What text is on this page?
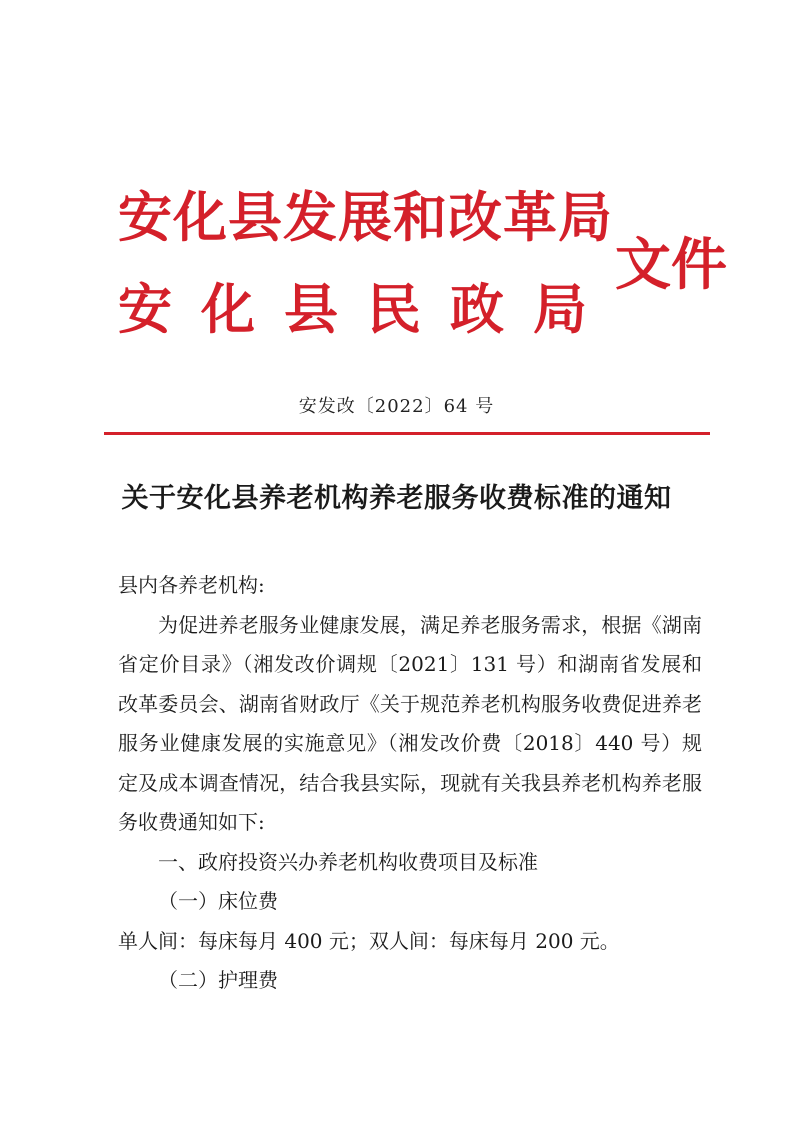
安化县发展和改革局
安化县民政局
文件
安发改〔2022〕64 号
关于安化县养老机构养老服务收费标准的通知

县内各养老机构:

为促进养老服务业健康发展，满足养老服务需求，根据《湖南省定价目录》（湘发改价调规〔2021〕131 号）和湖南省发展和改革委员会、湖南省财政厅《关于规范养老机构服务收费促进养老服务业健康发展的实施意见》（湘发改价费〔2018〕440 号）规定及成本调查情况，结合我县实际，现就有关我县养老机构养老服务收费通知如下:

一、政府投资兴办养老机构收费项目及标准

（一）床位费

单人间：每床每月 400 元；双人间：每床每月 200 元。

（二）护理费
